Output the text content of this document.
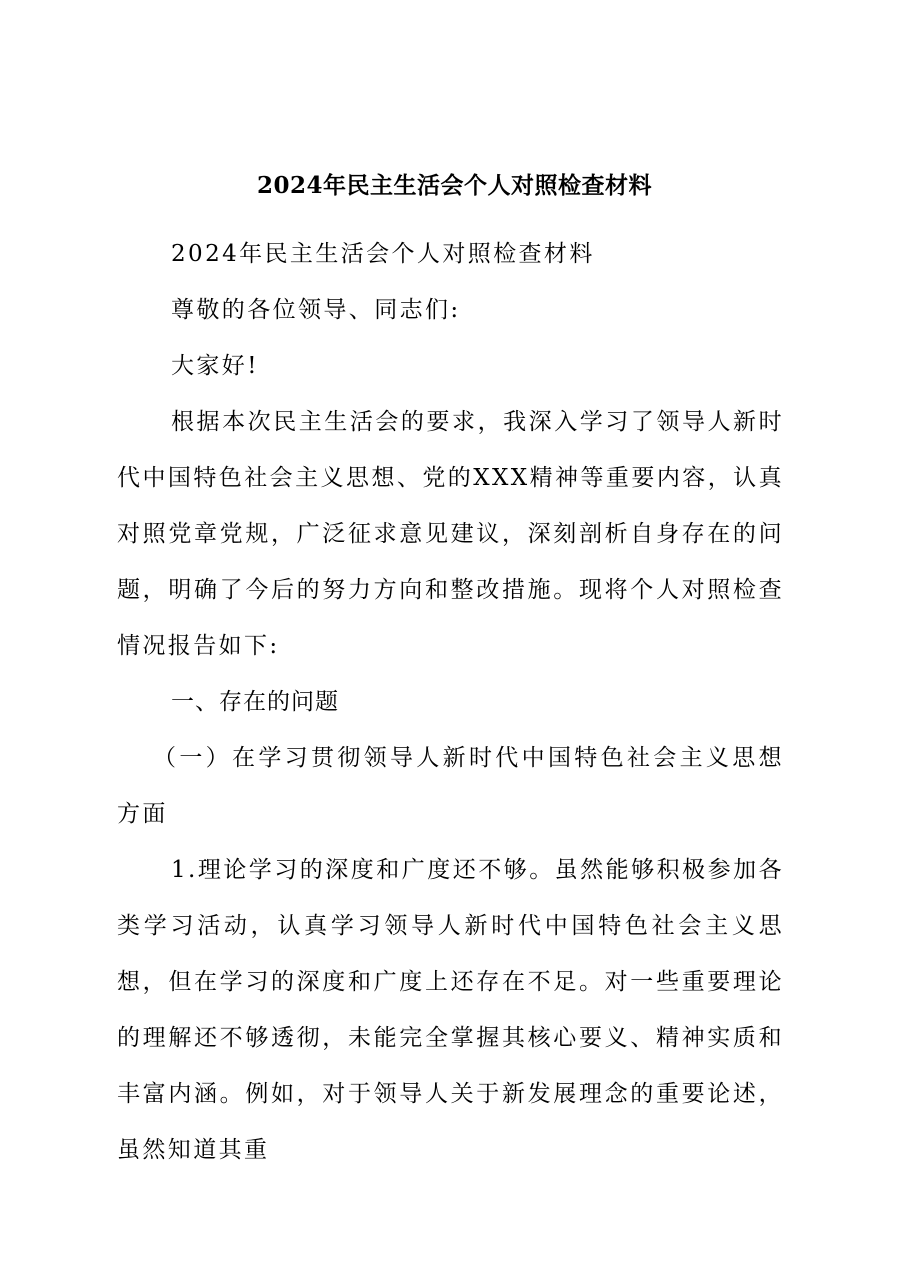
2024年民主生活会个人对照检查材料

2024年民主生活会个人对照检查材料

尊敬的各位领导、同志们:

大家好!

根据本次民主生活会的要求，我深入学习了领导人新时代中国特色社会主义思想、党的XXX精神等重要内容，认真对照党章党规，广泛征求意见建议，深刻剖析自身存在的问题，明确了今后的努力方向和整改措施。现将个人对照检查情况报告如下:

一、存在的问题

（一）在学习贯彻领导人新时代中国特色社会主义思想方面

1.理论学习的深度和广度还不够。虽然能够积极参加各类学习活动，认真学习领导人新时代中国特色社会主义思想，但在学习的深度和广度上还存在不足。对一些重要理论的理解还不够透彻，未能完全掌握其核心要义、精神实质和丰富内涵。例如，对于领导人关于新发展理念的重要论述，虽然知道其重
